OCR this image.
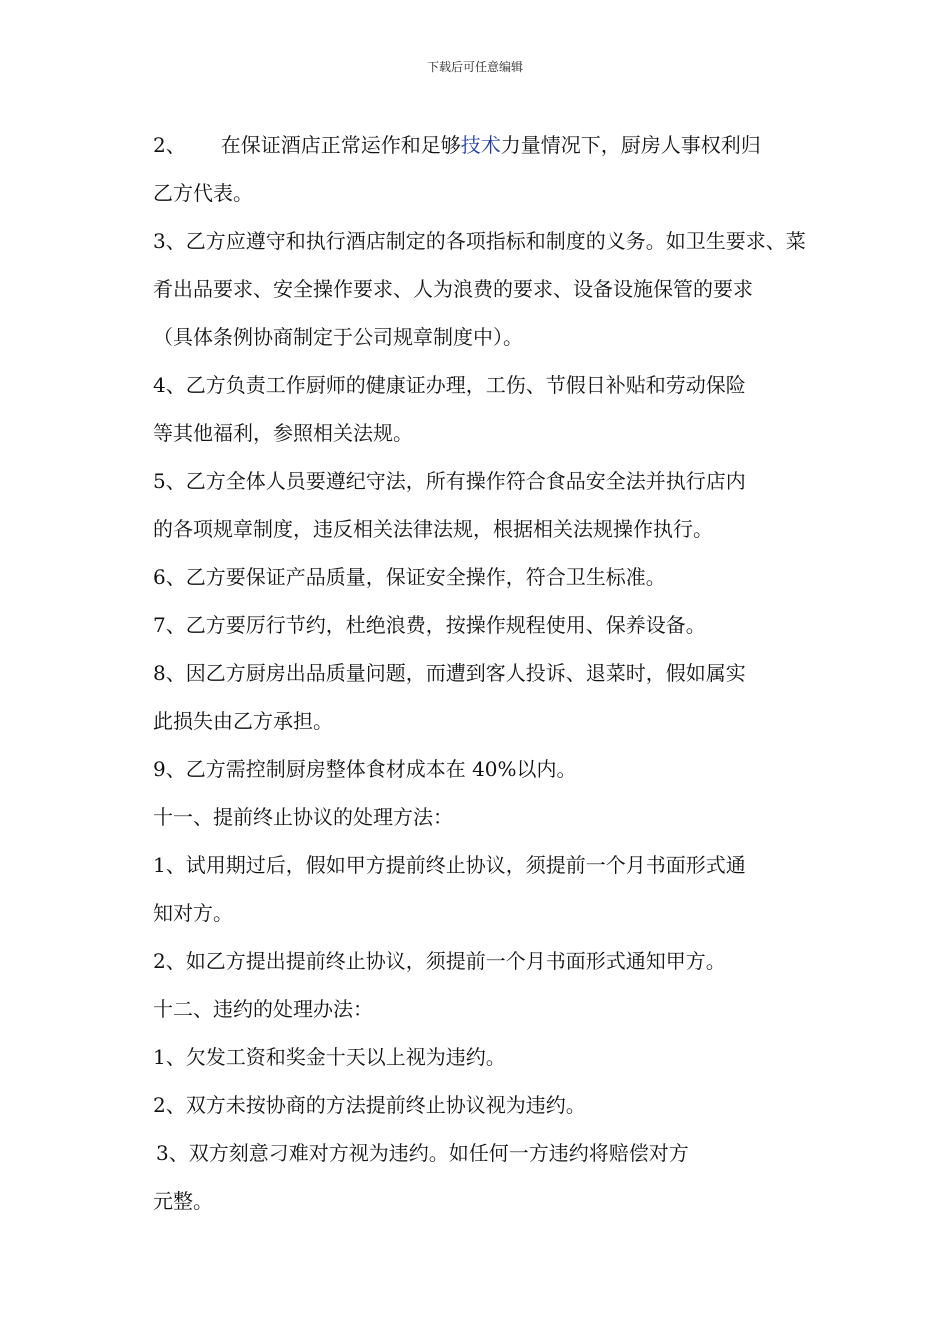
下载后可任意编辑
2、 在保证酒店正常运作和足够技术力量情况下，厨房人事权利归
乙方代表。
3、乙方应遵守和执行酒店制定的各项指标和制度的义务。如卫生要求、菜
肴出品要求、安全操作要求、人为浪费的要求、设备设施保管的要求
（具体条例协商制定于公司规章制度中）。
4、乙方负责工作厨师的健康证办理，工伤、节假日补贴和劳动保险
等其他福利，参照相关法规。
5、乙方全体人员要遵纪守法，所有操作符合食品安全法并执行店内
的各项规章制度，违反相关法律法规，根据相关法规操作执行。
6、乙方要保证产品质量，保证安全操作，符合卫生标准。
7、乙方要厉行节约，杜绝浪费，按操作规程使用、保养设备。
8、因乙方厨房出品质量问题，而遭到客人投诉、退菜时，假如属实
此损失由乙方承担。
9、乙方需控制厨房整体食材成本在 40%以内。
十一、提前终止协议的处理方法：
1、试用期过后，假如甲方提前终止协议，须提前一个月书面形式通
知对方。
2、如乙方提出提前终止协议，须提前一个月书面形式通知甲方。
十二、违约的处理办法：
1、欠发工资和奖金十天以上视为违约。
2、双方未按协商的方法提前终止协议视为违约。
3、双方刻意刁难对方视为违约。如任何一方违约将赔偿对方
元整。
